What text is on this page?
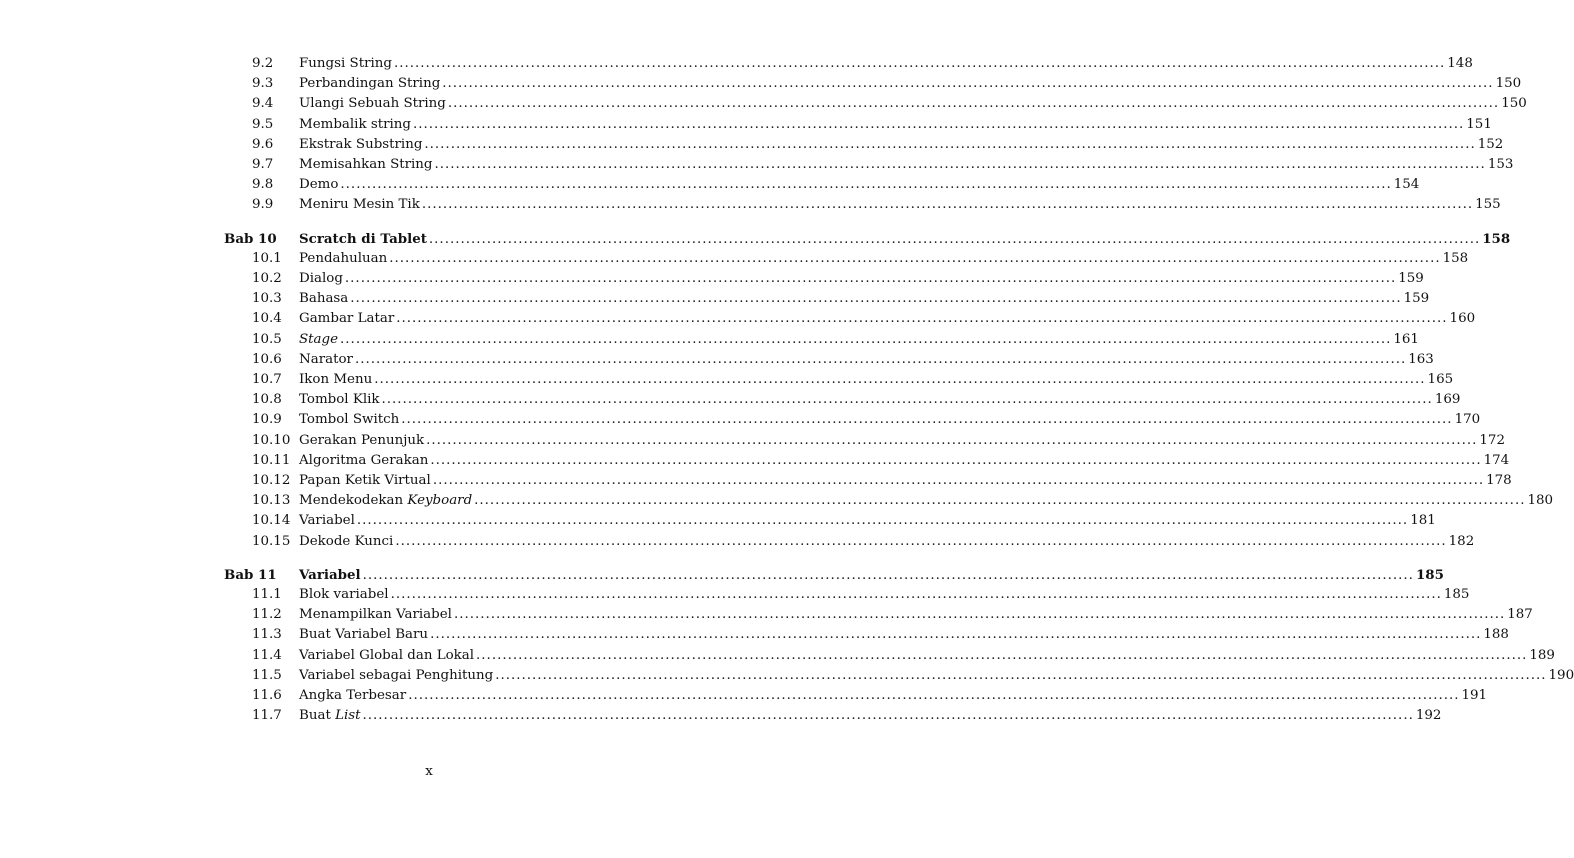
9.2 Fungsi String ........................................................................................................................................................................................................ 148
9.3 Perbandingan String ........................................................................................................................................................................................................ 150
9.4 Ulangi Sebuah String ........................................................................................................................................................................................................ 150
9.5 Membalik string ........................................................................................................................................................................................................ 151
9.6 Ekstrak Substring ........................................................................................................................................................................................................ 152
9.7 Memisahkan String ........................................................................................................................................................................................................ 153
9.8 Demo ........................................................................................................................................................................................................ 154
9.9 Meniru Mesin Tik ........................................................................................................................................................................................................ 155
Bab 10 Scratch di Tablet ........................................................................................................................................................................................................ 158
10.1 Pendahuluan ........................................................................................................................................................................................................ 158
10.2 Dialog ........................................................................................................................................................................................................ 159
10.3 Bahasa ........................................................................................................................................................................................................ 159
10.4 Gambar Latar ........................................................................................................................................................................................................ 160
10.5 Stage ........................................................................................................................................................................................................ 161
10.6 Narator ........................................................................................................................................................................................................ 163
10.7 Ikon Menu ........................................................................................................................................................................................................ 165
10.8 Tombol Klik ........................................................................................................................................................................................................ 169
10.9 Tombol Switch ........................................................................................................................................................................................................ 170
10.10 Gerakan Penunjuk ........................................................................................................................................................................................................ 172
10.11 Algoritma Gerakan ........................................................................................................................................................................................................ 174
10.12 Papan Ketik Virtual ........................................................................................................................................................................................................ 178
10.13 Mendekodekan Keyboard ........................................................................................................................................................................................................ 180
10.14 Variabel ........................................................................................................................................................................................................ 181
10.15 Dekode Kunci ........................................................................................................................................................................................................ 182
Bab 11 Variabel ........................................................................................................................................................................................................ 185
11.1 Blok variabel ........................................................................................................................................................................................................ 185
11.2 Menampilkan Variabel ........................................................................................................................................................................................................ 187
11.3 Buat Variabel Baru ........................................................................................................................................................................................................ 188
11.4 Variabel Global dan Lokal ........................................................................................................................................................................................................ 189
11.5 Variabel sebagai Penghitung ........................................................................................................................................................................................................ 190
11.6 Angka Terbesar ........................................................................................................................................................................................................ 191
11.7 Buat List ........................................................................................................................................................................................................ 192
x
